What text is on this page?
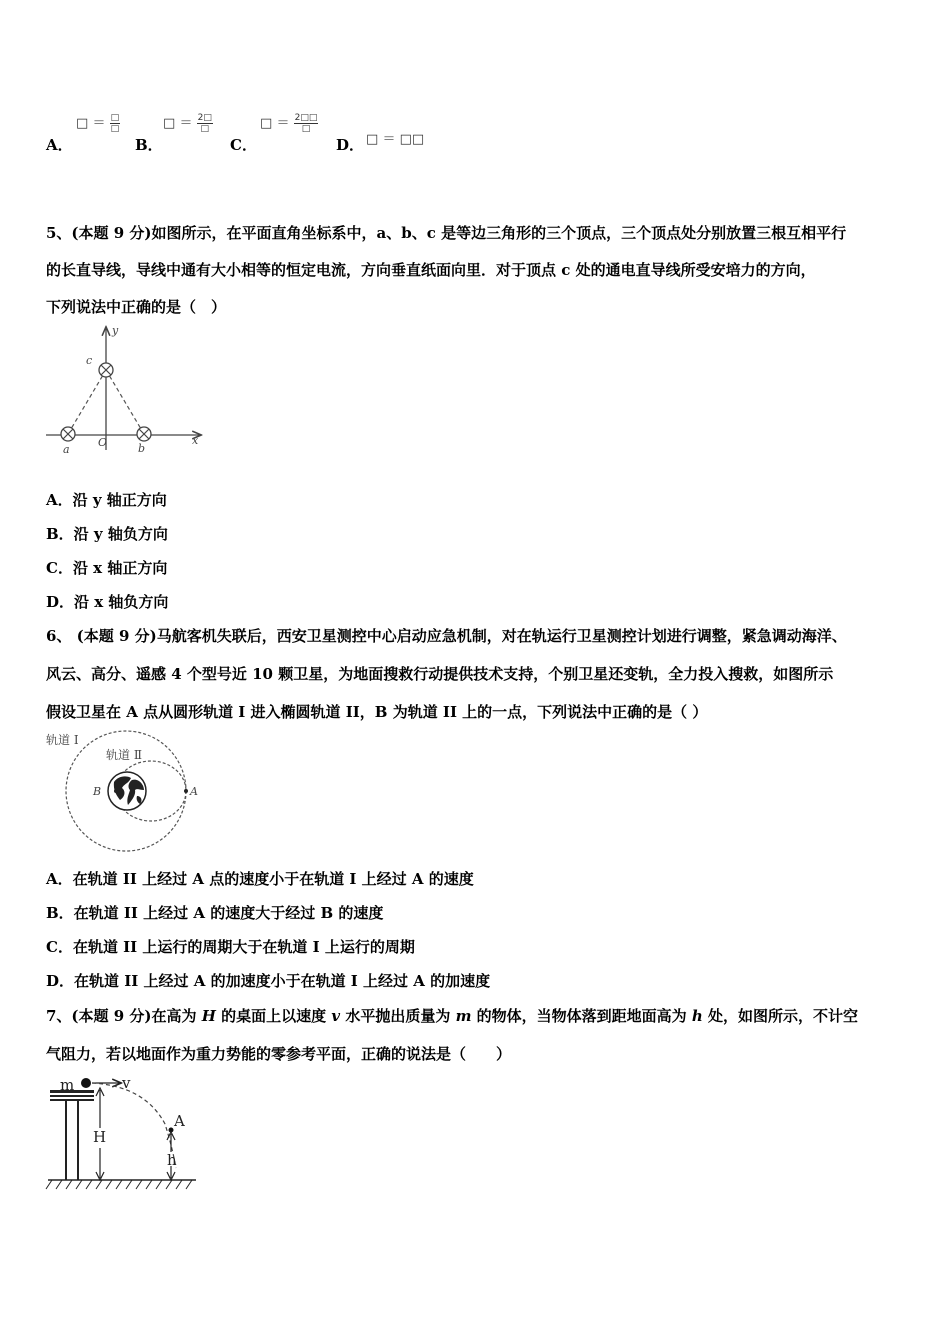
A．
□ ＝ $\frac{□}{□}$
B．
□ ＝ $\frac{2□}{□}$
C．
□ ＝ $\frac{2□□}{□}$
D． □ ＝ □□
5、(本题 9 分)如图所示，在平面直角坐标系中，a、b、c 是等边三角形的三个顶点，三个顶点处分别放置三根互相平行
的长直导线，导线中通有大小相等的恒定电流，方向垂直纸面向里．对于顶点 c 处的通电直导线所受安培力的方向，
下列说法中正确的是（　）
y
x
O
a	b
c
A．沿 y 轴正方向
B．沿 y 轴负方向
C．沿 x 轴正方向
D．沿 x 轴负方向
6、 (本题 9 分)马航客机失联后，西安卫星测控中心启动应急机制，对在轨运行卫星测控计划进行调整，紧急调动海洋、
风云、高分、遥感 4 个型号近 10 颗卫星，为地面搜救行动提供技术支持，个别卫星还变轨，全力投入搜救，如图所示
假设卫星在 A 点从圆形轨道 I 进入椭圆轨道 II，B 为轨道 II 上的一点，下列说法中正确的是（ ）
轨道 Ⅰ
轨道 Ⅱ
A
B
A．在轨道 II 上经过 A 点的速度小于在轨道 I 上经过 A 的速度
B．在轨道 II 上经过 A 的速度大于经过 B 的速度
C．在轨道 II 上运行的周期大于在轨道 I 上运行的周期
D．在轨道 II 上经过 A 的加速度小于在轨道 I 上经过 A 的加速度
7、(本题 9 分)在高为 H 的桌面上以速度 v 水平抛出质量为 m 的物体，当物体落到距地面高为 h 处，如图所示，不计空
气阻力，若以地面作为重力势能的零参考平面，正确的说法是（　　）
m	v
H
A
h
